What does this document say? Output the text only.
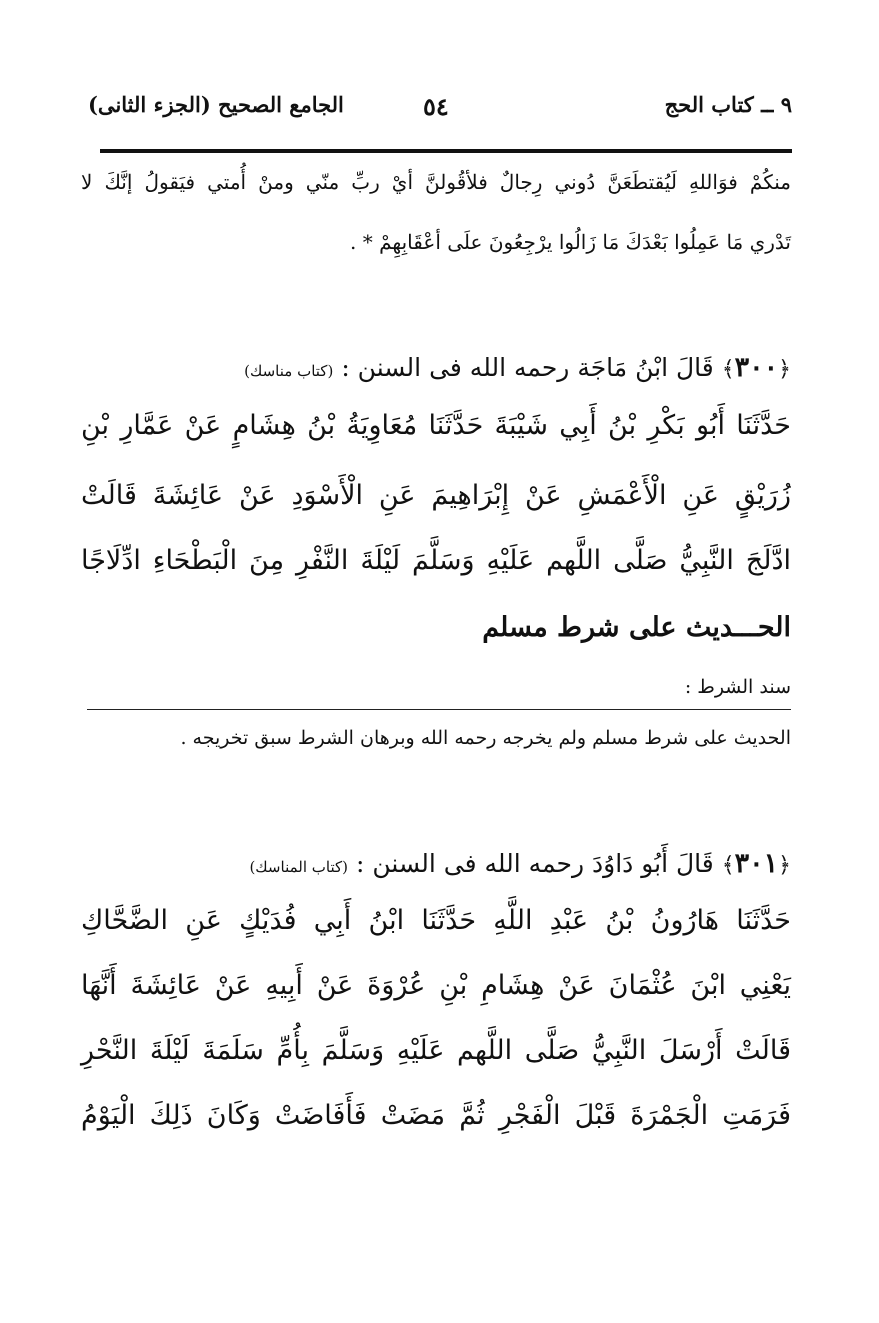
٩ ــ كتاب الحج
٥٤
الجامع الصحيح (الجزء الثانى)
منكُمْ فوَاللهِ لَيُقتطَعَنَّ دُوني رِجالٌ فلأقُولنَّ أيْ ربِّ منّي ومنْ أُمتي فيَقولُ إنَّكَ لا
تَدْري مَا عَمِلُوا بَعْدَكَ مَا زَالُوا يرْجِعُونَ علَى أعْقَابِهِمْ * .
﴿٣٠٠﴾ قَالَ ابْنُ مَاجَة رحمه الله فى السنن :(كتاب مناسك)
حَدَّثَنَا أَبُو بَكْرِ بْنُ أَبِي شَيْبَةَ حَدَّثَنَا مُعَاوِيَةُ بْنُ هِشَامٍ عَنْ عَمَّارِ بْنِ
زُرَيْقٍ عَنِ الْأَعْمَشِ عَنْ إِبْرَاهِيمَ عَنِ الْأَسْوَدِ عَنْ عَائِشَةَ قَالَتْ
ادَّلَجَ النَّبِيُّ صَلَّى اللَّهم عَلَيْهِ وَسَلَّمَ لَيْلَةَ النَّفْرِ مِنَ الْبَطْحَاءِ ادِّلَاجًا
الحـــديث على شرط مسلم
سند الشرط :
الحديث على شرط مسلم ولم يخرجه رحمه الله وبرهان الشرط سبق تخريجه .
﴿٣٠١﴾ قَالَ أَبُو دَاوُدَ رحمه الله فى السنن :(كتاب المناسك)
حَدَّثَنَا هَارُونُ بْنُ عَبْدِ اللَّهِ حَدَّثَنَا ابْنُ أَبِي فُدَيْكٍ عَنِ الضَّحَّاكِ
يَعْنِي ابْنَ عُثْمَانَ عَنْ هِشَامِ بْنِ عُرْوَةَ عَنْ أَبِيهِ عَنْ عَائِشَةَ أَنَّهَا
قَالَتْ أَرْسَلَ النَّبِيُّ صَلَّى اللَّهم عَلَيْهِ وَسَلَّمَ بِأُمِّ سَلَمَةَ لَيْلَةَ النَّحْرِ
فَرَمَتِ الْجَمْرَةَ قَبْلَ الْفَجْرِ ثُمَّ مَضَتْ فَأَفَاضَتْ وَكَانَ ذَلِكَ الْيَوْمُ
